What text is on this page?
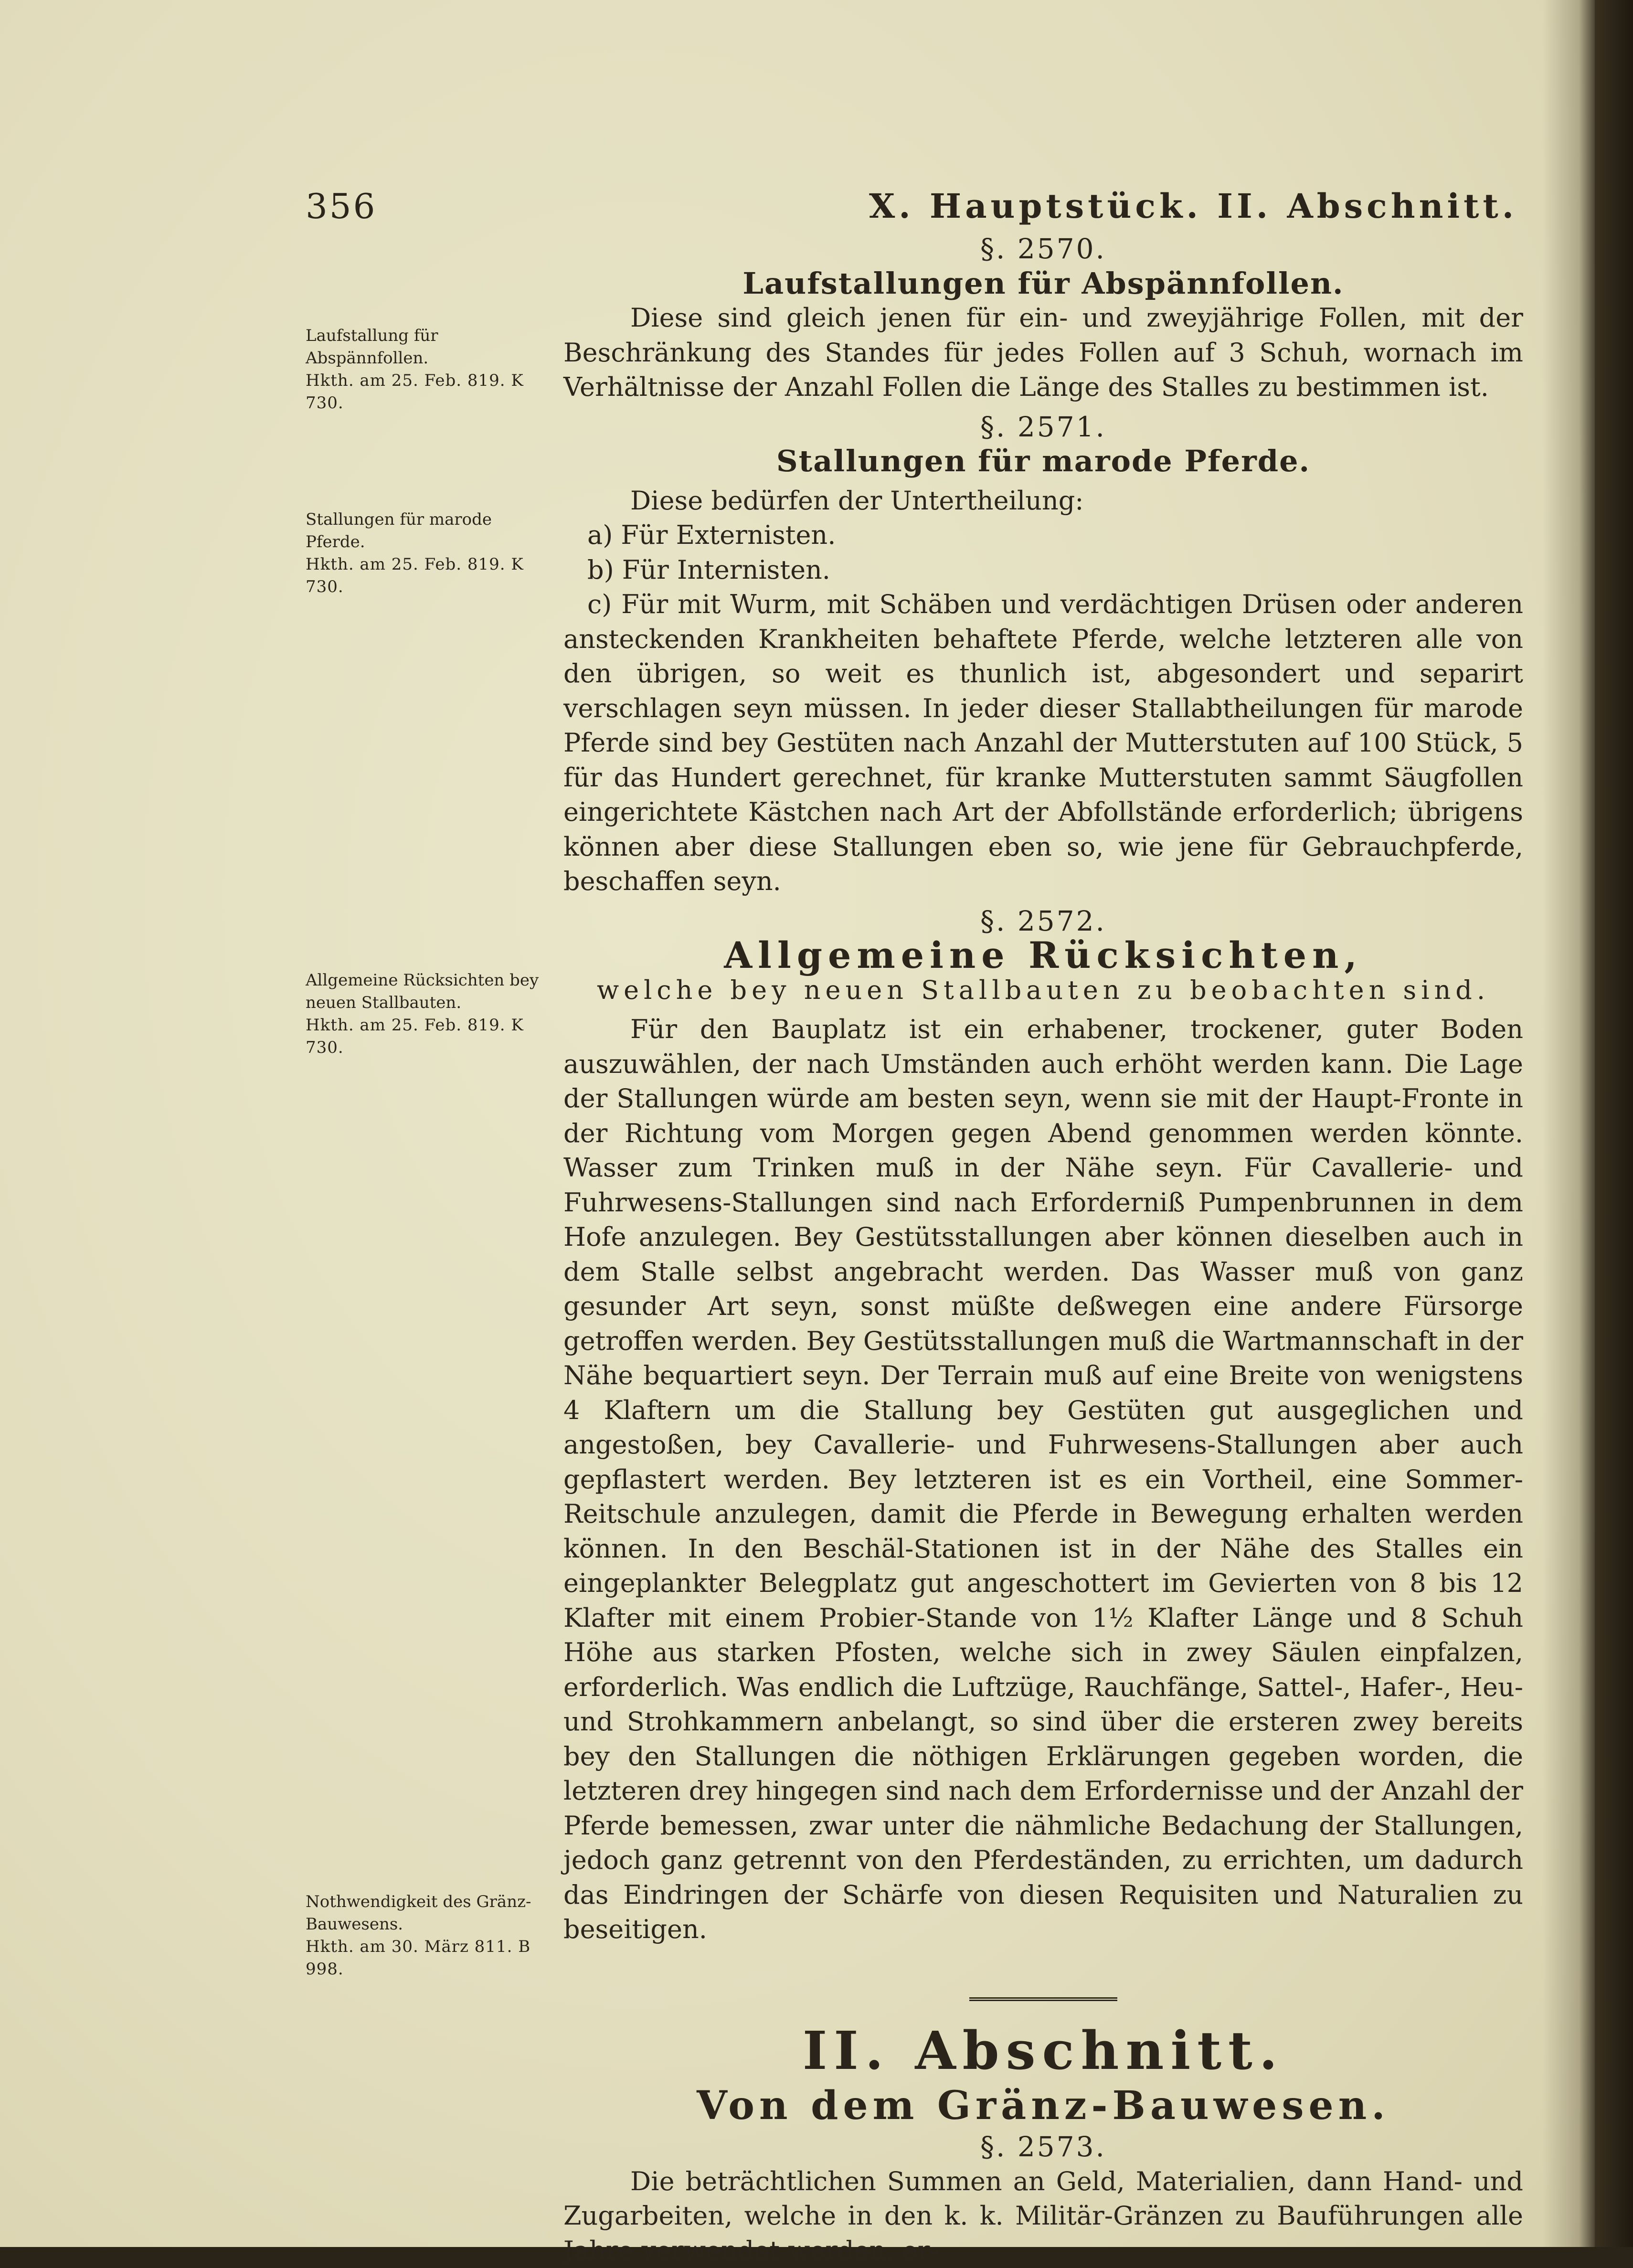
356	X. Hauptstück. II. Abschnitt.
Laufstallung für Abspännfollen.
Hkth. am 25. Feb. 819. K 730.
Stallungen für marode Pferde.
Hkth. am 25. Feb. 819. K 730.
Allgemeine Rücksichten bey neuen Stallbauten.
Hkth. am 25. Feb. 819. K 730.
Nothwendigkeit des Gränz-Bauwesens.
Hkth. am 30. März 811. B 998.

§. 2570.

Laufstallungen für Abspännfollen.

Diese sind gleich jenen für ein- und zweyjährige Follen, mit der Beschränkung des Standes für jedes Follen auf 3 Schuh, wornach im Verhältnisse der Anzahl Follen die Länge des Stalles zu bestimmen ist.

§. 2571.

Stallungen für marode Pferde.

Diese bedürfen der Untertheilung:

a) Für Externisten.

b) Für Internisten.

c) Für mit Wurm, mit Schäben und verdächtigen Drüsen oder anderen ansteckenden Krankheiten behaftete Pferde, welche letzteren alle von den übrigen, so weit es thunlich ist, abgesondert und separirt verschlagen seyn müssen. In jeder dieser Stallabtheilungen für marode Pferde sind bey Gestüten nach Anzahl der Mutterstuten auf 100 Stück, 5 für das Hundert gerechnet, für kranke Mutterstuten sammt Säugfollen eingerichtete Kästchen nach Art der Abfollstände erforderlich; übrigens können aber diese Stallungen eben so, wie jene für Gebrauchpferde, beschaffen seyn.

§. 2572.

Allgemeine Rücksichten,

welche bey neuen Stallbauten zu beobachten sind.

Für den Bauplatz ist ein erhabener, trockener, guter Boden auszuwählen, der nach Umständen auch erhöht werden kann. Die Lage der Stallungen würde am besten seyn, wenn sie mit der Haupt-Fronte in der Richtung vom Morgen gegen Abend genommen werden könnte. Wasser zum Trinken muß in der Nähe seyn. Für Cavallerie- und Fuhrwesens-Stallungen sind nach Erforderniß Pumpenbrunnen in dem Hofe anzulegen. Bey Gestütsstallungen aber können dieselben auch in dem Stalle selbst angebracht werden. Das Wasser muß von ganz gesunder Art seyn, sonst müßte deßwegen eine andere Fürsorge getroffen werden. Bey Gestütsstallungen muß die Wartmannschaft in der Nähe bequartiert seyn. Der Terrain muß auf eine Breite von wenigstens 4 Klaftern um die Stallung bey Gestüten gut ausgeglichen und angestoßen, bey Cavallerie- und Fuhrwesens-Stallungen aber auch gepflastert werden. Bey letzteren ist es ein Vortheil, eine Sommer-Reitschule anzulegen, damit die Pferde in Bewegung erhalten werden können. In den Beschäl-Stationen ist in der Nähe des Stalles ein eingeplankter Belegplatz gut angeschottert im Gevierten von 8 bis 12 Klafter mit einem Probier-Stande von 1½ Klafter Länge und 8 Schuh Höhe aus starken Pfosten, welche sich in zwey Säulen einpfalzen, erforderlich. Was endlich die Luftzüge, Rauchfänge, Sattel-, Hafer-, Heu- und Strohkammern anbelangt, so sind über die ersteren zwey bereits bey den Stallungen die nöthigen Erklärungen gegeben worden, die letzteren drey hingegen sind nach dem Erfordernisse und der Anzahl der Pferde bemessen, zwar unter die nähmliche Bedachung der Stallungen, jedoch ganz getrennt von den Pferdeständen, zu errichten, um dadurch das Eindringen der Schärfe von diesen Requisiten und Naturalien zu beseitigen.

II. Abschnitt.

Von dem Gränz-Bauwesen.

§. 2573.

Die beträchtlichen Summen an Geld, Materialien, dann Hand- und Zugarbeiten, welche in den k. k. Militär-Gränzen zu Bauführungen alle Jahre verwendet werden, er-
